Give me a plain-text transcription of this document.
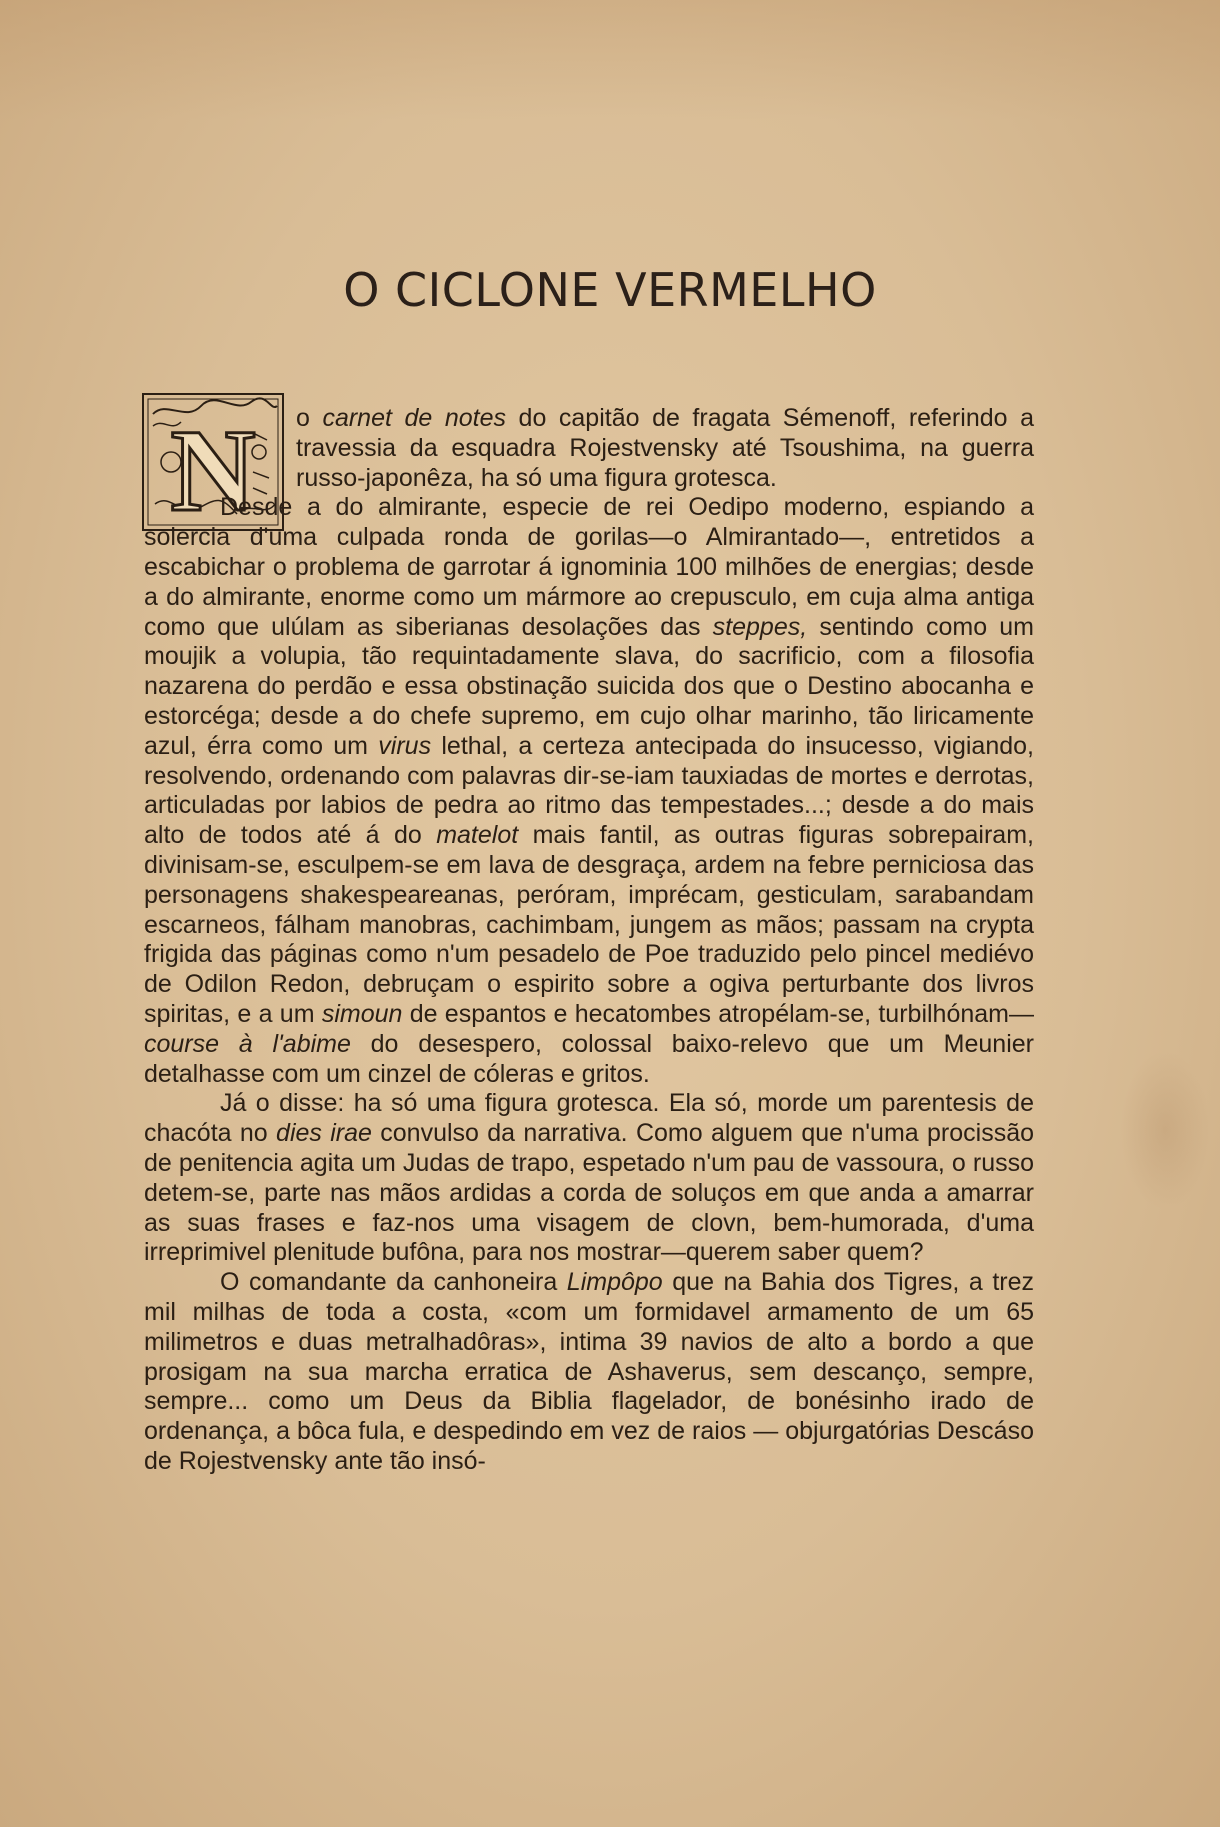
O CICLONE VERMELHO
N o carnet de notes do capitão de fragata Sémenoff, referindo a travessia da esquadra Rojestvensky até Tsoushima, na guerra russo-japonêza, ha só uma figura grotesca.

Desde a do almirante, especie de rei Oedipo moderno, espiando a solercia d'uma culpada ronda de gorilas—o Almirantado—, entretidos a escabichar o problema de garrotar á ignominia 100 milhões de energias; desde a do almirante, enorme como um mármore ao crepusculo, em cuja alma antiga como que ulúlam as siberianas desolações das steppes, sentindo como um moujik a volupia, tão requintadamente slava, do sacrificio, com a filosofia nazarena do perdão e essa obstinação suicida dos que o Destino abocanha e estorcéga; desde a do chefe supremo, em cujo olhar marinho, tão liricamente azul, érra como um virus lethal, a certeza antecipada do insucesso, vigiando, resolvendo, ordenando com palavras dir-se-iam tauxiadas de mortes e derrotas, articuladas por labios de pedra ao ritmo das tempestades...; desde a do mais alto de todos até á do matelot mais fantil, as outras figuras sobrepairam, divinisam-se, esculpem-se em lava de desgraça, ardem na febre perniciosa das personagens shakespeareanas, peróram, imprécam, gesticulam, sarabandam escarneos, fálham manobras, cachimbam, jungem as mãos; passam na crypta frigida das páginas como n'um pesadelo de Poe traduzido pelo pincel mediévo de Odilon Redon, debruçam o espirito sobre a ogiva perturbante dos livros spiritas, e a um simoun de espantos e hecatombes atropélam-se, turbilhónam—course à l'abime do desespero, colossal baixo-relevo que um Meunier detalhasse com um cinzel de cóleras e gritos.

Já o disse: ha só uma figura grotesca. Ela só, morde um parentesis de chacóta no dies irae convulso da narrativa. Como alguem que n'uma procissão de penitencia agita um Judas de trapo, espetado n'um pau de vassoura, o russo detem-se, parte nas mãos ardidas a corda de soluços em que anda a amarrar as suas frases e faz-nos uma visagem de clovn, bem-humorada, d'uma irreprimivel plenitude bufôna, para nos mostrar—querem saber quem?

O comandante da canhoneira Limpôpo que na Bahia dos Tigres, a trez mil milhas de toda a costa, «com um formidavel armamento de um 65 milimetros e duas metralhadôras», intima 39 navios de alto a bordo a que prosigam na sua marcha erratica de Ashaverus, sem descanço, sempre, sempre... como um Deus da Biblia flagelador, de bonésinho irado de ordenança, a bôca fula, e despedindo em vez de raios — objurgatórias Descáso de Rojestvensky ante tão insó-
